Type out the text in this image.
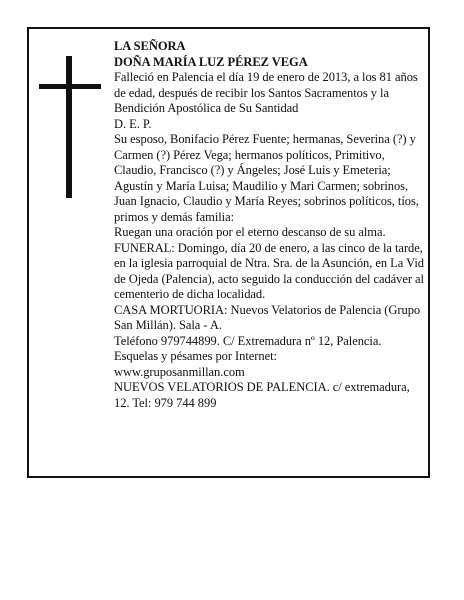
LA SEÑORA

DOÑA MARÍA LUZ PÉREZ VEGA

Falleció en Palencia el día 19 de enero de 2013, a los 81 años de edad, después de recibir los Santos Sacramentos y la Bendición Apostólica de Su Santidad

D. E. P.

Su esposo, Bonifacio Pérez Fuente; hermanas, Severina (?) y Carmen (?) Pérez Vega; hermanos políticos, Primitivo, Claudio, Francisco (?) y Ángeles; José Luis y Emeteria; Agustín y María Luisa; Maudilio y Mari Carmen; sobrinos, Juan Ignacio, Claudio y María Reyes; sobrinos políticos, tíos, primos y demás familia:

Ruegan una oración por el eterno descanso de su alma.

FUNERAL: Domingo, día 20 de enero, a las cinco de la tarde, en la iglesia parroquial de Ntra. Sra. de la Asunción, en La Vid de Ojeda (Palencia), acto seguido la conducción del cadáver al cementerio de dicha localidad.

CASA MORTUORIA: Nuevos Velatorios de Palencia (Grupo San Millán). Sala - A.

Teléfono 979744899. C/ Extremadura nº 12, Palencia.

Esquelas y pésames por Internet:

www.gruposanmillan.com

NUEVOS VELATORIOS DE PALENCIA. c/ extremadura, 12. Tel: 979 744 899
